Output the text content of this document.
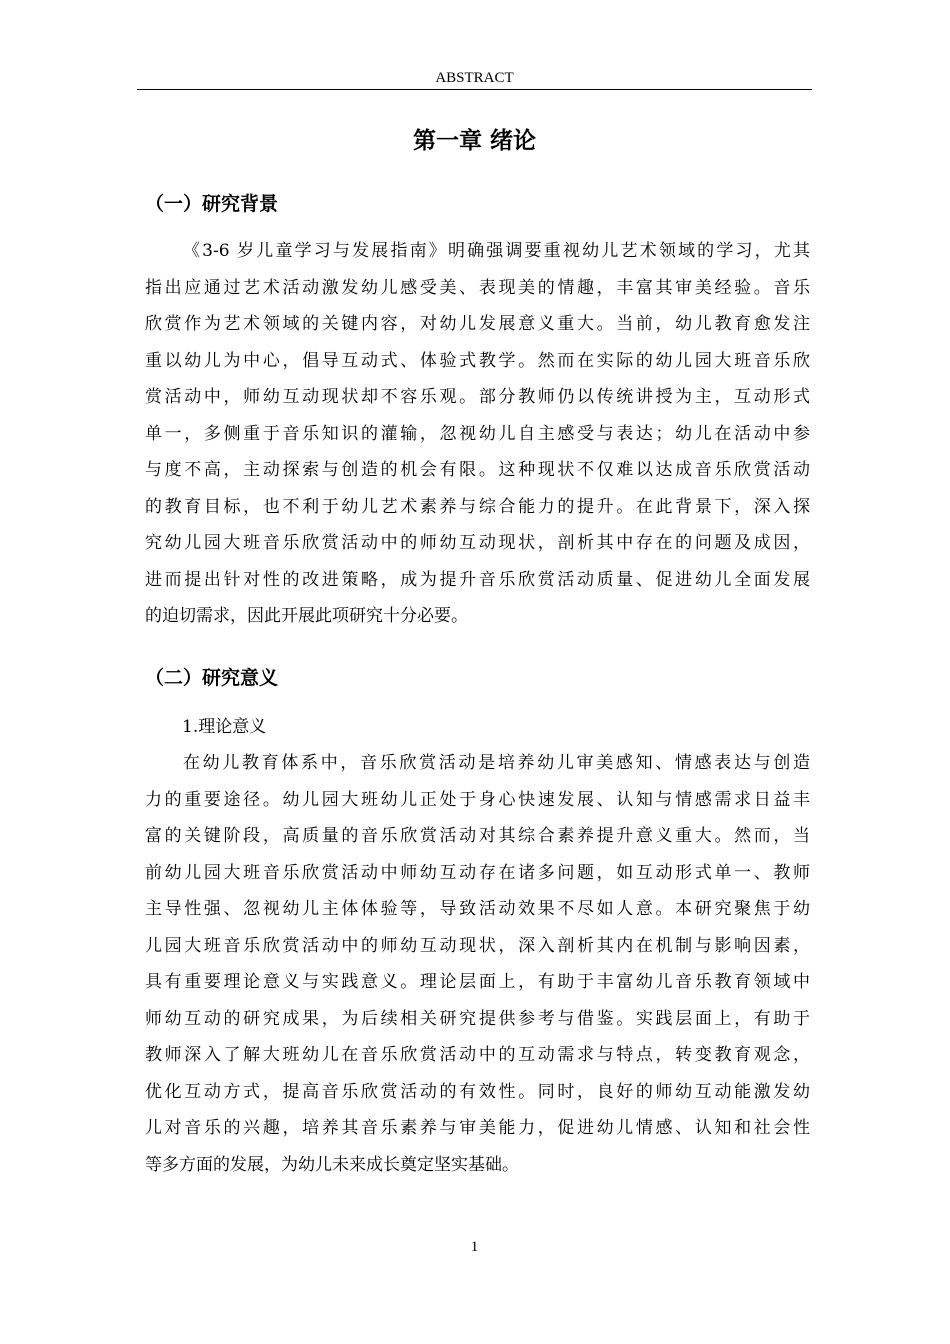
ABSTRACT
第一章 绪论
（一）研究背景
《3-6 岁儿童学习与发展指南》明确强调要重视幼儿艺术领域的学习，尤其
指出应通过艺术活动激发幼儿感受美、表现美的情趣，丰富其审美经验。音乐
欣赏作为艺术领域的关键内容，对幼儿发展意义重大。当前，幼儿教育愈发注
重以幼儿为中心，倡导互动式、体验式教学。然而在实际的幼儿园大班音乐欣
赏活动中，师幼互动现状却不容乐观。部分教师仍以传统讲授为主，互动形式
单一，多侧重于音乐知识的灌输，忽视幼儿自主感受与表达；幼儿在活动中参
与度不高，主动探索与创造的机会有限。这种现状不仅难以达成音乐欣赏活动
的教育目标，也不利于幼儿艺术素养与综合能力的提升。在此背景下，深入探
究幼儿园大班音乐欣赏活动中的师幼互动现状，剖析其中存在的问题及成因，
进而提出针对性的改进策略，成为提升音乐欣赏活动质量、促进幼儿全面发展
的迫切需求，因此开展此项研究十分必要。
（二）研究意义
1.理论意义
在幼儿教育体系中，音乐欣赏活动是培养幼儿审美感知、情感表达与创造
力的重要途径。幼儿园大班幼儿正处于身心快速发展、认知与情感需求日益丰
富的关键阶段，高质量的音乐欣赏活动对其综合素养提升意义重大。然而，当
前幼儿园大班音乐欣赏活动中师幼互动存在诸多问题，如互动形式单一、教师
主导性强、忽视幼儿主体体验等，导致活动效果不尽如人意。本研究聚焦于幼
儿园大班音乐欣赏活动中的师幼互动现状，深入剖析其内在机制与影响因素，
具有重要理论意义与实践意义。理论层面上，有助于丰富幼儿音乐教育领域中
师幼互动的研究成果，为后续相关研究提供参考与借鉴。实践层面上，有助于
教师深入了解大班幼儿在音乐欣赏活动中的互动需求与特点，转变教育观念，
优化互动方式，提高音乐欣赏活动的有效性。同时，良好的师幼互动能激发幼
儿对音乐的兴趣，培养其音乐素养与审美能力，促进幼儿情感、认知和社会性
等多方面的发展，为幼儿未来成长奠定坚实基础。
1
